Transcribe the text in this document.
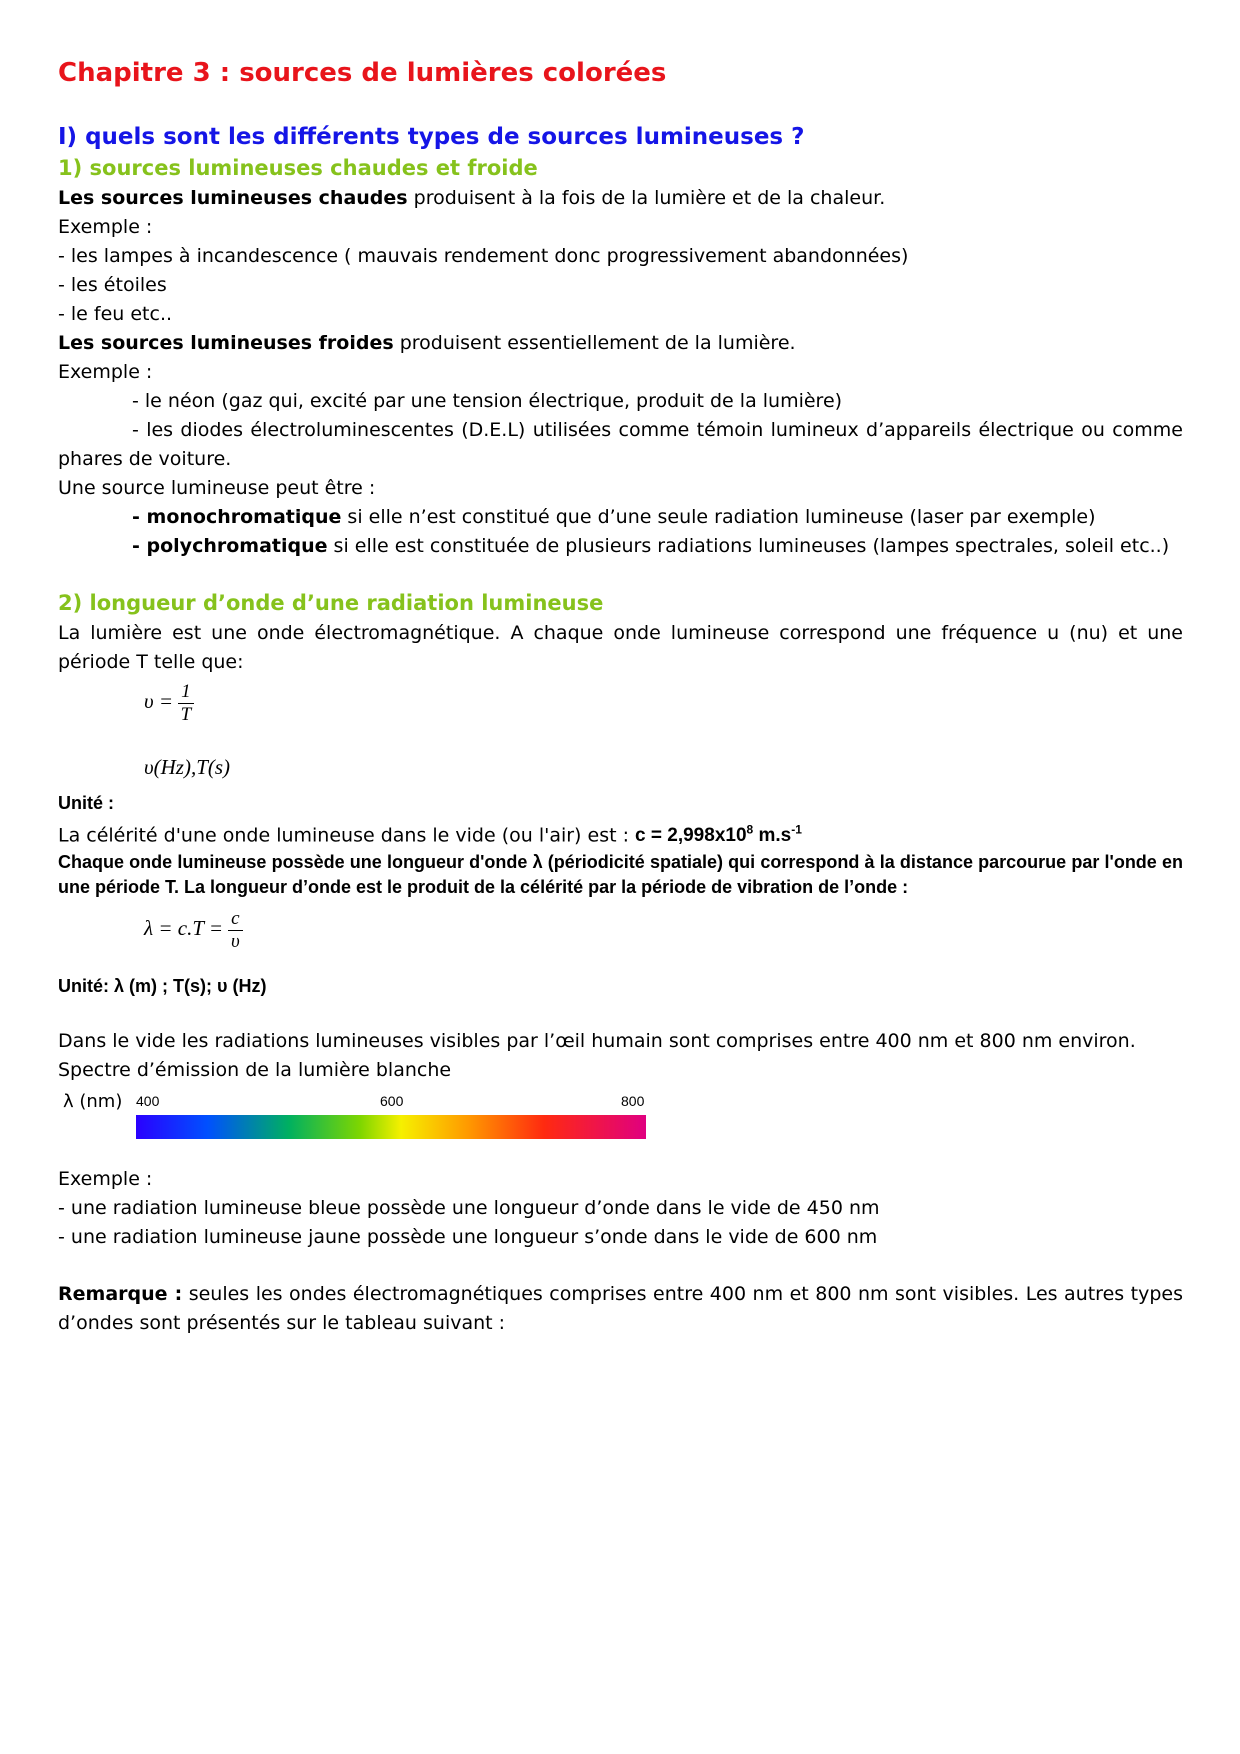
Chapitre 3 : sources de lumières colorées
I) quels sont les différents types de sources lumineuses ?
1) sources lumineuses chaudes et froide

Les sources lumineuses chaudes produisent à la fois de la lumière et de la chaleur.

Exemple :

- les lampes à incandescence ( mauvais rendement donc progressivement abandonnées)

- les étoiles

- le feu etc..

Les sources lumineuses froides produisent essentiellement de la lumière.

Exemple :

- le néon (gaz qui, excité par une tension électrique, produit de la lumière)

- les diodes électroluminescentes (D.E.L) utilisées comme témoin lumineux d’appareils électrique ou comme phares de voiture.

Une source lumineuse peut être :

- monochromatique si elle n’est constitué que d’une seule radiation lumineuse (laser par exemple)

- polychromatique si elle est constituée de plusieurs radiations lumineuses (lampes spectrales, soleil etc..)

2) longueur d’onde d’une radiation lumineuse

La lumière est une onde électromagnétique. A chaque onde lumineuse correspond une fréquence u (nu) et une période T telle que:

$\upsilon = \frac{1}{T}$
υ(Hz),T(s)

Unité :

La célérité d'une onde lumineuse dans le vide (ou l'air) est : $c = 2,998x10^8$ $m.s^{-1}$

Chaque onde lumineuse possède une longueur d'onde λ (périodicité spatiale) qui correspond à la distance parcourue par l'onde en une période T. La longueur d’onde est le produit de la célérité par la période de vibration de l’onde :

$\lambda = c.T = \frac{c}{\upsilon}$

Unité: λ (m) ; T(s); υ (Hz)

Dans le vide les radiations lumineuses visibles par l’œil humain sont comprises entre 400 nm et 800 nm environ.

Spectre d’émission de la lumière blanche

λ (nm) 400	600	800

Exemple :

- une radiation lumineuse bleue possède une longueur d’onde dans le vide de 450 nm

- une radiation lumineuse jaune possède une longueur s’onde dans le vide de 600 nm

Remarque : seules les ondes électromagnétiques comprises entre 400 nm et 800 nm sont visibles. Les autres types d’ondes sont présentés sur le tableau suivant :
